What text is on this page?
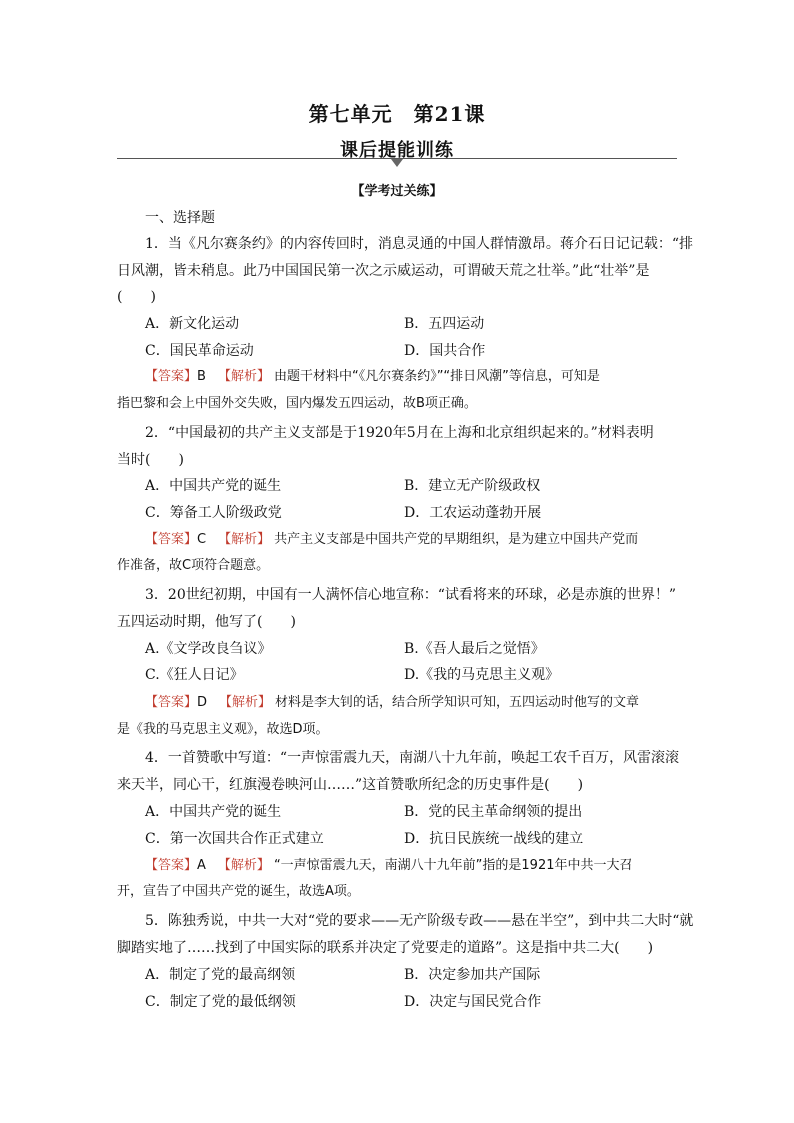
第七单元　第21课
课后提能训练
【学考过关练】
一、选择题
1．当《凡尔赛条约》的内容传回时，消息灵通的中国人群情激昂。蒋介石日记记载：“排
日风潮，皆未稍息。此乃中国国民第一次之示威运动，可谓破天荒之壮举。”此“壮举”是
(　　)
A．新文化运动	B．五四运动
C．国民革命运动	D．国共合作
【答案】B 【解析】 由题干材料中“《凡尔赛条约》”“排日风潮”等信息，可知是
指巴黎和会上中国外交失败，国内爆发五四运动，故B项正确。
2．“中国最初的共产主义支部是于1920年5月在上海和北京组织起来的。”材料表明
当时(　　)
A．中国共产党的诞生	B．建立无产阶级政权
C．筹备工人阶级政党	D．工农运动蓬勃开展
【答案】C 【解析】 共产主义支部是中国共产党的早期组织，是为建立中国共产党而
作准备，故C项符合题意。
3．20世纪初期，中国有一人满怀信心地宣称：“试看将来的环球，必是赤旗的世界！”
五四运动时期，他写了(　　)
A.《文学改良刍议》	B.《吾人最后之觉悟》
C.《狂人日记》	D.《我的马克思主义观》
【答案】D 【解析】 材料是李大钊的话，结合所学知识可知，五四运动时他写的文章
是《我的马克思主义观》，故选D项。
4．一首赞歌中写道：“一声惊雷震九天，南湖八十九年前，唤起工农千百万，风雷滚滚
来天半，同心干，红旗漫卷映河山……”这首赞歌所纪念的历史事件是(　　)
A．中国共产党的诞生	B．党的民主革命纲领的提出
C．第一次国共合作正式建立	D．抗日民族统一战线的建立
【答案】A 【解析】 “一声惊雷震九天，南湖八十九年前”指的是1921年中共一大召
开，宣告了中国共产党的诞生，故选A项。
5．陈独秀说，中共一大对“党的要求——无产阶级专政——悬在半空”，到中共二大时“就
脚踏实地了……找到了中国实际的联系并决定了党要走的道路”。这是指中共二大(　　)
A．制定了党的最高纲领	B．决定参加共产国际
C．制定了党的最低纲领	D．决定与国民党合作
